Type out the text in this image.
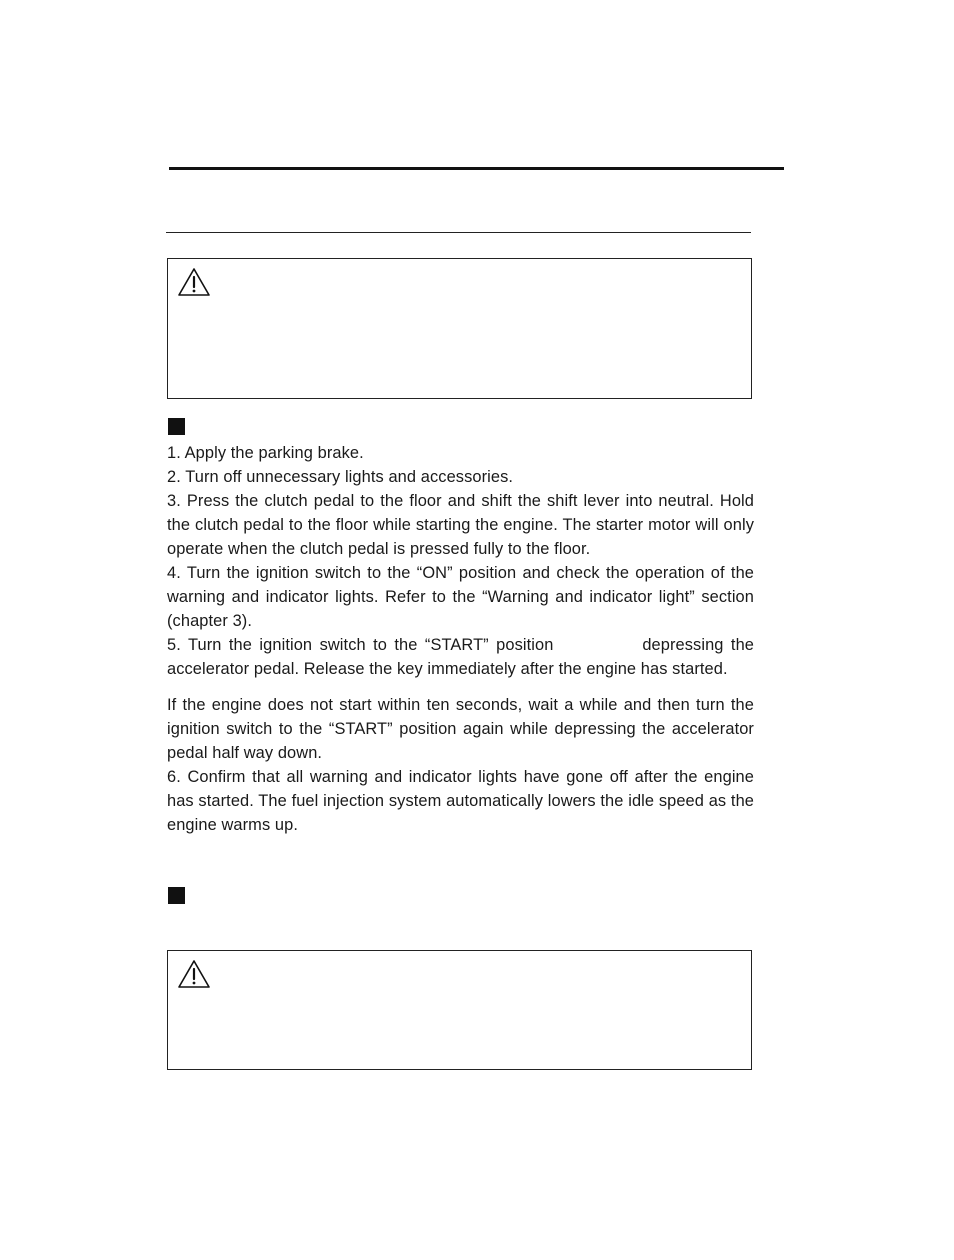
1. Apply the parking brake.

2. Turn off unnecessary lights and accessories.

3. Press the clutch pedal to the floor and shift the shift lever into neutral. Hold the clutch pedal to the floor while starting the engine. The starter motor will only operate when the clutch pedal is pressed fully to the floor.

4. Turn the ignition switch to the “ON” position and check the operation of the warning and indicator lights. Refer to the “Warning and indicator light” section (chapter 3).

5. Turn the ignition switch to the “START” position	depressing the accelerator pedal. Release the key immediately after the engine has started.

If the engine does not start within ten seconds, wait a while and then turn the ignition switch to the “START” position again while depressing the accelerator pedal half way down.

6. Confirm that all warning and indicator lights have gone off after the engine has started. The fuel injection system automatically lowers the idle speed as the engine warms up.
